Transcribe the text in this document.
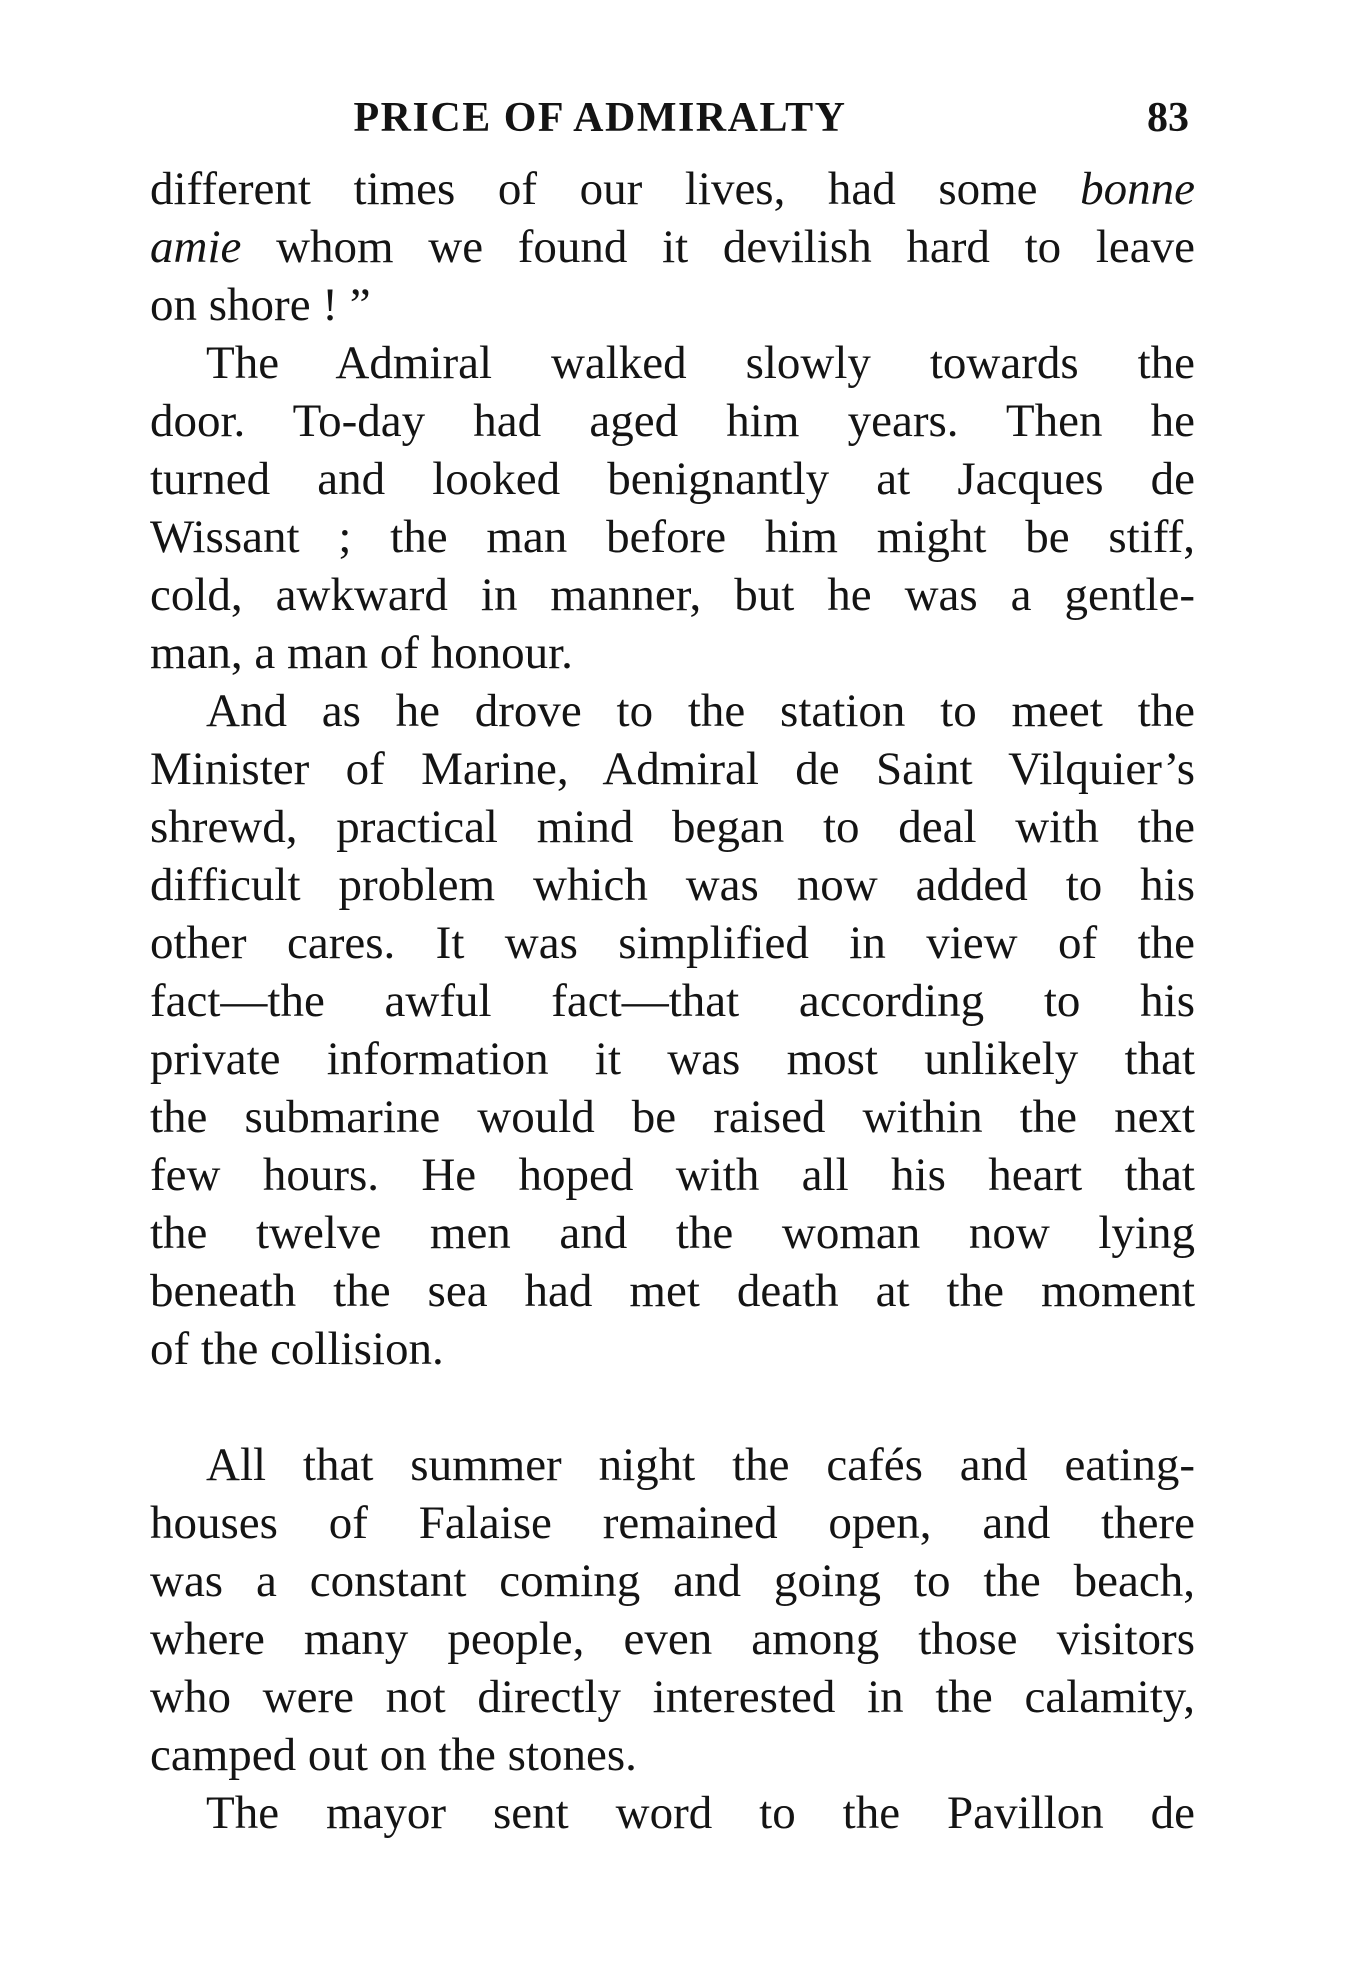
PRICE OF ADMIRALTY	83
different times of our lives, had some bonne
amie whom we found it devilish hard to leave
on shore ! ”
The Admiral walked slowly towards the
door. To-day had aged him years. Then he
turned and looked benignantly at Jacques de
Wissant ; the man before him might be stiff,
cold, awkward in manner, but he was a gentle-
man, a man of honour.
And as he drove to the station to meet the
Minister of Marine, Admiral de Saint Vilquier’s
shrewd, practical mind began to deal with the
difficult problem which was now added to his
other cares. It was simplified in view of the
fact—the awful fact—that according to his
private information it was most unlikely that
the submarine would be raised within the next
few hours. He hoped with all his heart that
the twelve men and the woman now lying
beneath the sea had met death at the moment
of the collision.
All that summer night the cafés and eating-
houses of Falaise remained open, and there
was a constant coming and going to the beach,
where many people, even among those visitors
who were not directly interested in the calamity,
camped out on the stones.
The mayor sent word to the Pavillon de
